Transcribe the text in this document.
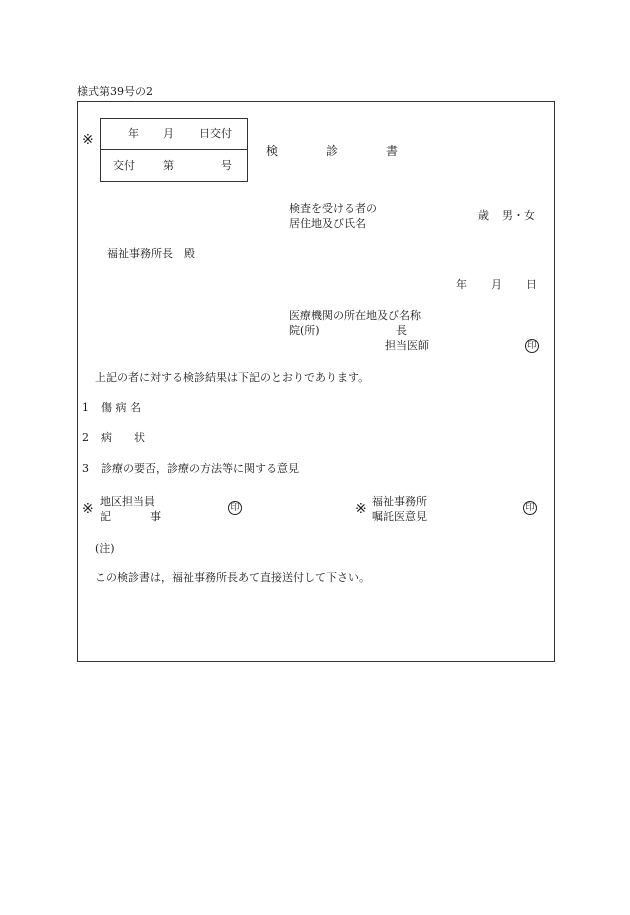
様式第39号の2
※	年 月 日交付
交付	第	号
検	診	書
検査を受ける者の
居住地及び氏名
歳 男・女
福祉事務所長　殿
年 月 日
医療機関の所在地及び名称
院(所)	長
担当医師	印
上記の者に対する検診結果は下記のとおりであります。
1 傷 病 名
2 病　　状
3 診療の要否，診療の方法等に関する意見
※ 地区担当員
記	事
印	※ 福祉事務所
嘱託医意見
印
(注)
この検診書は，福祉事務所長あて直接送付して下さい。
